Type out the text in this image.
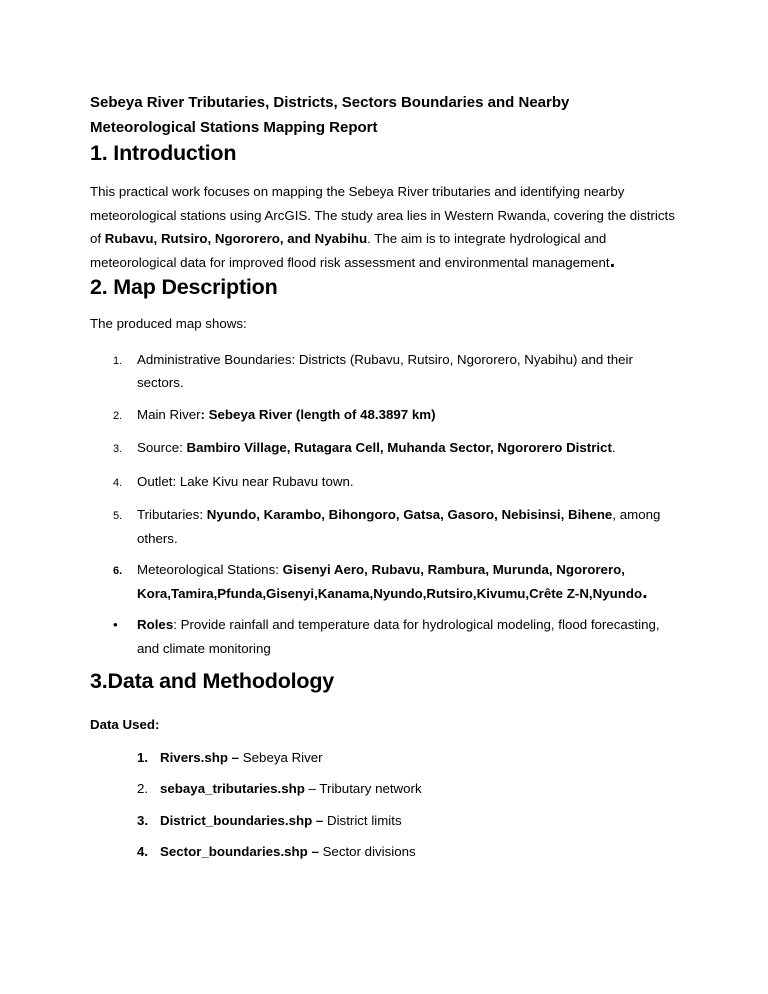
Sebeya River Tributaries, Districts, Sectors Boundaries and Nearby Meteorological Stations Mapping Report

1. Introduction

This practical work focuses on mapping the Sebeya River tributaries and identifying nearby meteorological stations using ArcGIS. The study area lies in Western Rwanda, covering the districts of Rubavu, Rutsiro, Ngororero, and Nyabihu. The aim is to integrate hydrological and meteorological data for improved flood risk assessment and environmental management.

2. Map Description

The produced map shows:

1.	Administrative Boundaries: Districts (Rubavu, Rutsiro, Ngororero, Nyabihu) and their sectors.
2.	Main River: Sebeya River (length of 48.3897 km)
3.	Source: Bambiro Village, Rutagara Cell, Muhanda Sector, Ngororero District.
4.	Outlet: Lake Kivu near Rubavu town.
5.	Tributaries: Nyundo, Karambo, Bihongoro, Gatsa, Gasoro, Nebisinsi, Bihene, among others.
6.	Meteorological Stations: Gisenyi Aero, Rubavu, Rambura, Murunda, Ngororero, Kora,Tamira,Pfunda,Gisenyi,Kanama,Nyundo,Rutsiro,Kivumu,Crête Z-N,Nyundo.
•	Roles: Provide rainfall and temperature data for hydrological modeling, flood forecasting, and climate monitoring
3.Data and Methodology

Data Used:

1. Rivers.shp – Sebeya River
2. sebaya_tributaries.shp – Tributary network
3. District_boundaries.shp – District limits
4. Sector_boundaries.shp – Sector divisions
